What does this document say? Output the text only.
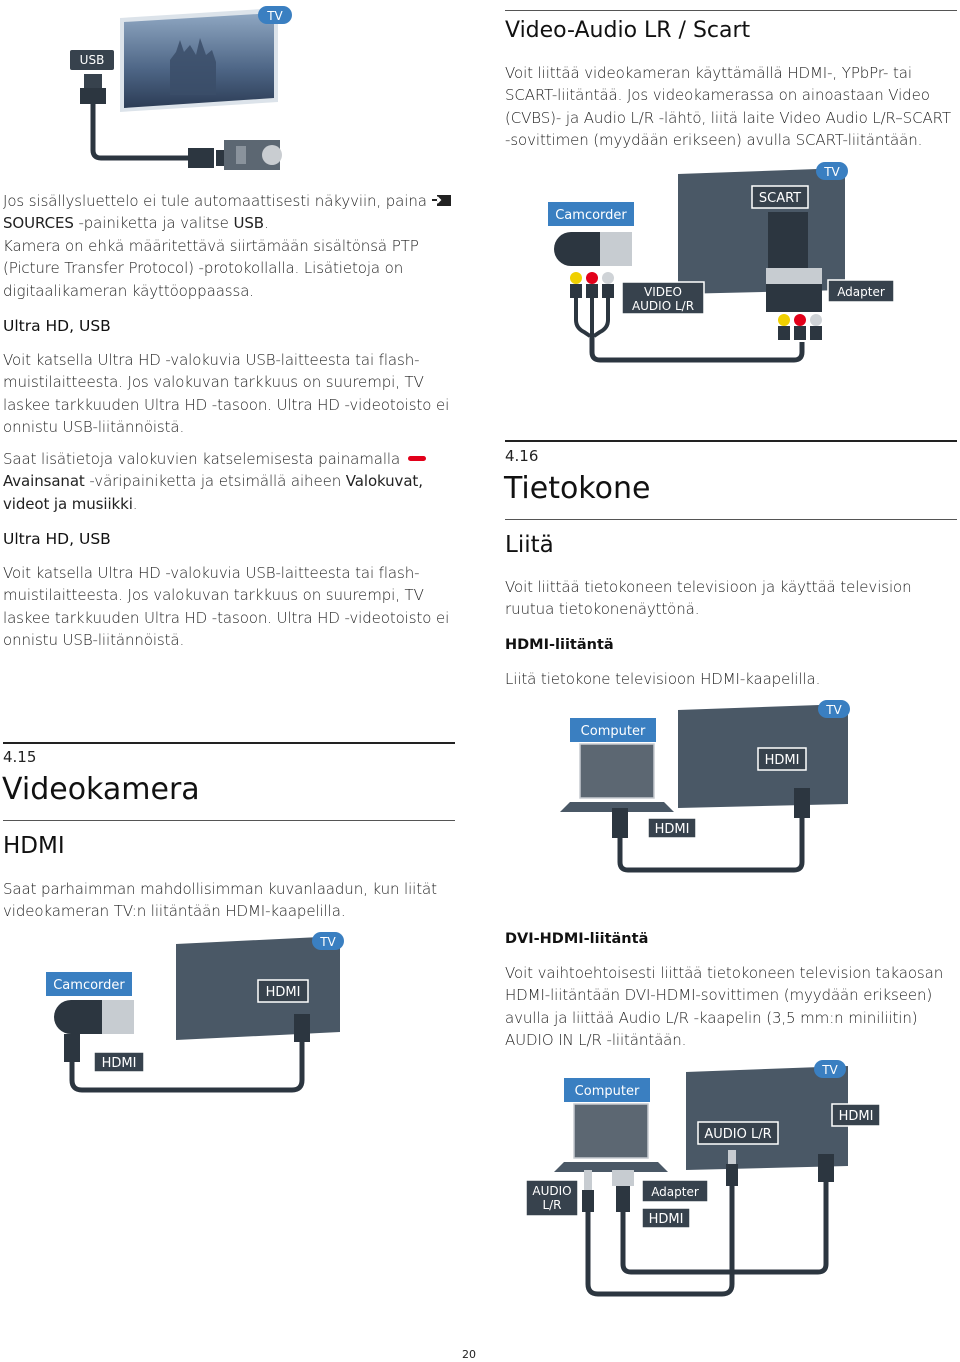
TV
USB

Jos sisällysluettelo ei tule automaattisesti näkyviin, paina
SOURCES -painiketta ja valitse USB.

Kamera on ehkä määritettävä siirtämään sisältönsä PTP (Picture Transfer Protocol) -protokollalla. Lisätietoja on digitaalikameran käyttöoppaassa.

Ultra HD, USB

Voit katsella Ultra HD -valokuvia USB-laitteesta tai flash-muistilaitteesta. Jos valokuvan tarkkuus on suurempi, TV laskee tarkkuuden Ultra HD -tasoon. Ultra HD -videotoisto ei onnistu USB-liitännöistä.

Saat lisätietoja valokuvien katselemisesta painamalla
Avainsanat -väripainiketta ja etsimällä aiheen Valokuvat, videot ja musiikki.

Ultra HD, USB

Voit katsella Ultra HD -valokuvia USB-laitteesta tai flash-muistilaitteesta. Jos valokuvan tarkkuus on suurempi, TV laskee tarkkuuden Ultra HD -tasoon. Ultra HD -videotoisto ei onnistu USB-liitännöistä.

4.15
Videokamera
HDMI

Saat parhaimman mahdollisimman kuvanlaadun, kun liität videokameran TV:n liitäntään HDMI-kaapelilla.

TV
HDMI
Camcorder
HDMI
Video-Audio LR / Scart

Voit liittää videokameran käyttämällä HDMI-, YPbPr- tai SCART-liitäntää. Jos videokamerassa on ainoastaan Video (CVBS)- ja Audio L/R -lähtö, liitä laite Video Audio L/R–SCART -sovittimen (myydään erikseen) avulla SCART-liitäntään.

TV
SCART
Camcorder
VIDEO
AUDIO L/R
Adapter
4.16
Tietokone
Liitä

Voit liittää tietokoneen televisioon ja käyttää television ruutua tietokonenäyttönä.

HDMI-liitäntä

Liitä tietokone televisioon HDMI-kaapelilla.

TV
HDMI
Computer
HDMI
DVI-HDMI-liitäntä

Voit vaihtoehtoisesti liittää tietokoneen television takaosan HDMI-liitäntään DVI-HDMI-sovittimen (myydään erikseen) avulla ja liittää Audio L/R -kaapelin (3,5 mm:n miniliitin) AUDIO IN L/R -liitäntään.

TV
HDMI
AUDIO L/R
Computer
AUDIO L/R
Adapter
HDMI
20
